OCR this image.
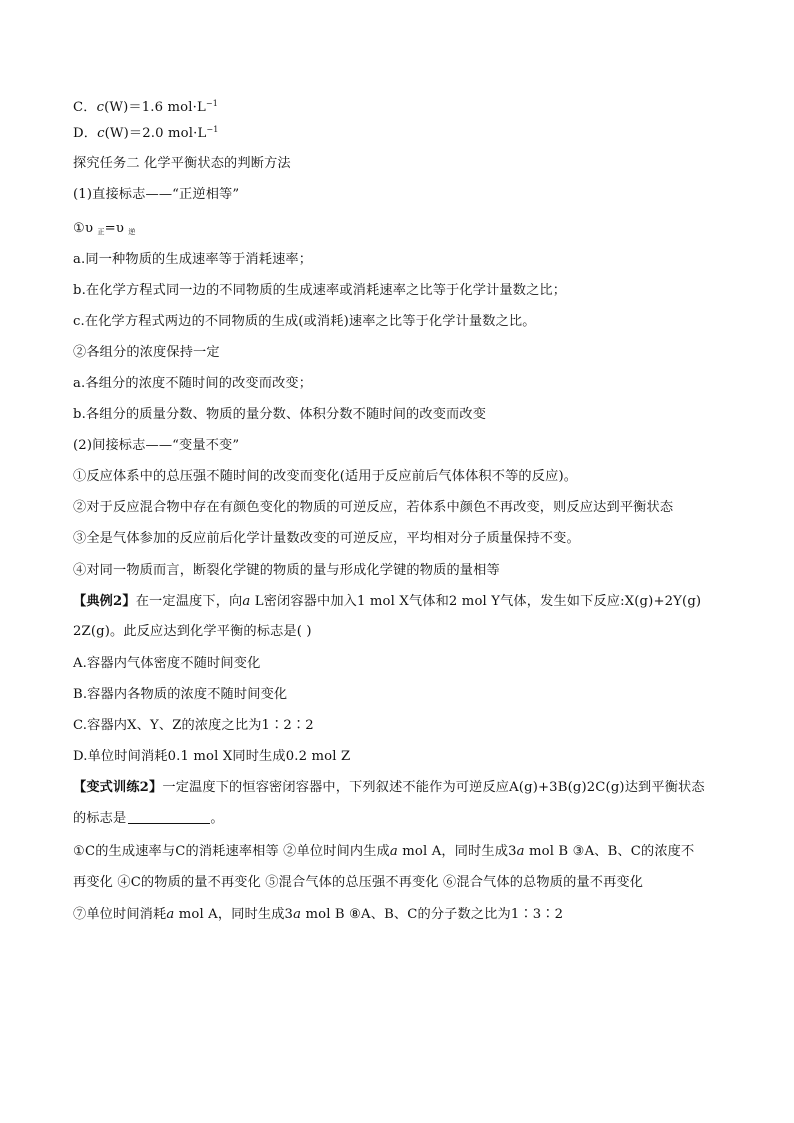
C．c(W)＝1.6 $mol\cdot L^{-1}$
D．c(W)＝2.0 $mol\cdot L^{-1}$
探究任务二 化学平衡状态的判断方法
(1)直接标志——“正逆相等”
①υ $_正$=υ $_逆$
a.同一种物质的生成速率等于消耗速率；
b.在化学方程式同一边的不同物质的生成速率或消耗速率之比等于化学计量数之比；
c.在化学方程式两边的不同物质的生成(或消耗)速率之比等于化学计量数之比。
②各组分的浓度保持一定
a.各组分的浓度不随时间的改变而改变；
b.各组分的质量分数、物质的量分数、体积分数不随时间的改变而改变
(2)间接标志——“变量不变”
①反应体系中的总压强不随时间的改变而变化(适用于反应前后气体体积不等的反应)。
②对于反应混合物中存在有颜色变化的物质的可逆反应，若体系中颜色不再改变，则反应达到平衡状态
③全是气体参加的反应前后化学计量数改变的可逆反应，平均相对分子质量保持不变。
④对同一物质而言，断裂化学键的物质的量与形成化学键的物质的量相等
【典例2】在一定温度下，向a L密闭容器中加入1 mol X气体和2 mol Y气体，发生如下反应:X(g)+2Y(g)
2Z(g)。此反应达到化学平衡的标志是( )
A.容器内气体密度不随时间变化
B.容器内各物质的浓度不随时间变化
C.容器内X、Y、Z的浓度之比为1∶2∶2
D.单位时间消耗0.1 mol X同时生成0.2 mol Z
【变式训练2】一定温度下的恒容密闭容器中，下列叙述不能作为可逆反应A(g)+3B(g)2C(g)达到平衡状态
的标志是	。
①C的生成速率与C的消耗速率相等 ②单位时间内生成a mol A，同时生成3a mol B ③A、B、C的浓度不
再变化 ④C的物质的量不再变化 ⑤混合气体的总压强不再变化 ⑥混合气体的总物质的量不再变化
⑦单位时间消耗a mol A，同时生成3a mol B ⑧A、B、C的分子数之比为1∶3∶2
